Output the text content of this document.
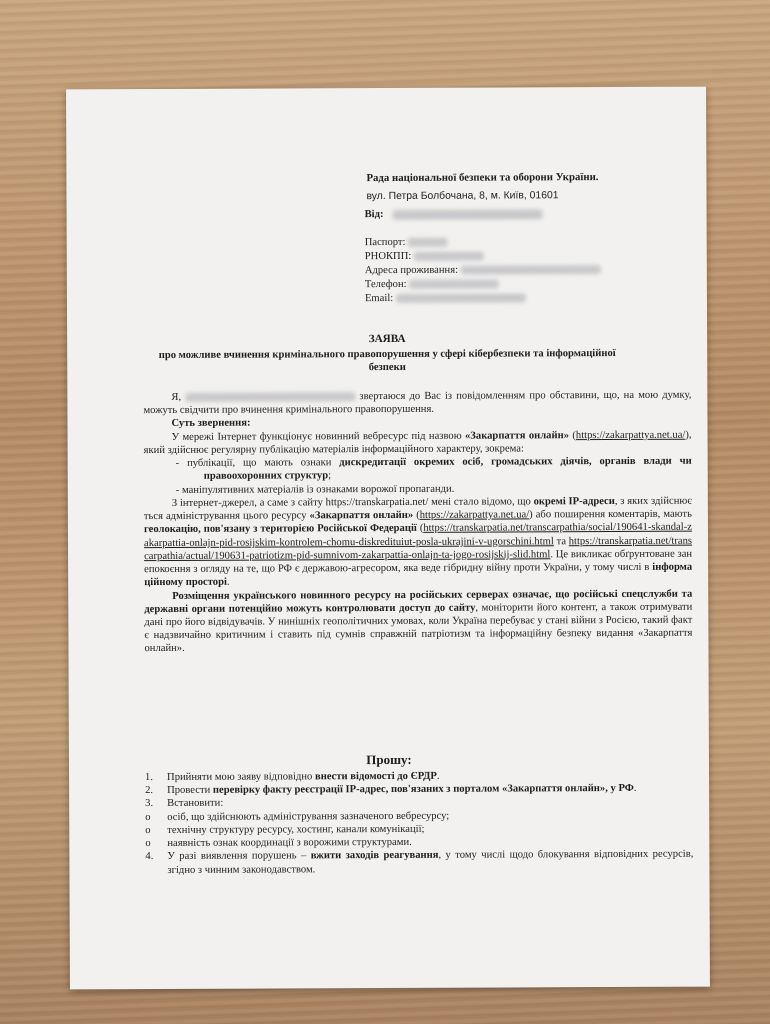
Рада національної безпеки та оборони України.
вул. Петра Болбочана, 8, м. Київ, 01601
Від:
Паспорт:
РНОКПП:
Адреса проживання:
Телефон:
Email:
ЗАЯВА
про можливе вчинення кримінального правопорушення у сфері кібербезпеки та інформаційної безпеки

Я,	звертаюся до Вас із повідомленням про обставини, що, на мою думку, можуть свідчити про вчинення кримінального правопорушення.

Суть звернення:

У мережі Інтернет функціонує новинний вебресурс під назвою «Закарпаття онлайн» (https://zakarpattya.net.ua/), який здійснює регулярну публікацію матеріалів інформаційного характеру, зокрема:

- публікації, що мають ознаки дискредитації окремих осіб, громадських діячів, органів влади чи правоохоронних структур;

- маніпулятивних матеріалів із ознаками ворожої пропаганди.

З інтернет-джерел, а саме з сайту https://transkarpatia.net/ мені стало відомо, що окремі IP-адреси, з яких здійснюється адміністрування цього ресурсу «Закарпаття онлайн» (https://zakarpattya.net.ua/) або поширення коментарів, мають геолокацію, пов'язану з територією Російської Федерації (https://transkarpatia.net/transcarpathia/social/190641-skandal-zakarpattia-onlajn-pid-rosijskim-kontrolem-chomu-diskredituiut-posla-ukrajini-v-ugorschini.html та https://transkarpatia.net/transcarpathia/actual/190631-patriotizm-pid-sumnivom-zakarpattia-onlajn-ta-jogo-rosijskij-slid.html. Це викликає обґрунтоване занепокоєння з огляду на те, що РФ є державою-агресором, яка веде гібридну війну проти України, у тому числі в інформаційному просторі.

Розміщення українського новинного ресурсу на російських серверах означає, що російські спецслужби та державні органи потенційно можуть контролювати доступ до сайту, моніторити його контент, а також отримувати дані про його відвідувачів. У нинішніх геополітичних умовах, коли Україна перебуває у стані війни з Росією, такий факт є надзвичайно критичним і ставить під сумнів справжній патріотизм та інформаційну безпеку видання «Закарпаття онлайн».

Прошу:
1.	Прийняти мою заяву відповідно внести відомості до ЄРДР.
2.	Провести перевірку факту реєстрації IP-адрес, пов'язаних з порталом «Закарпаття онлайн», у РФ.
3.	Встановити:
o	осіб, що здійснюють адміністрування зазначеного вебресурсу;
o	технічну структуру ресурсу, хостинг, канали комунікації;
o	наявність ознак координації з ворожими структурами.
4.	У разі виявлення порушень – вжити заходів реагування, у тому числі щодо блокування відповідних ресурсів, згідно з чинним законодавством.
